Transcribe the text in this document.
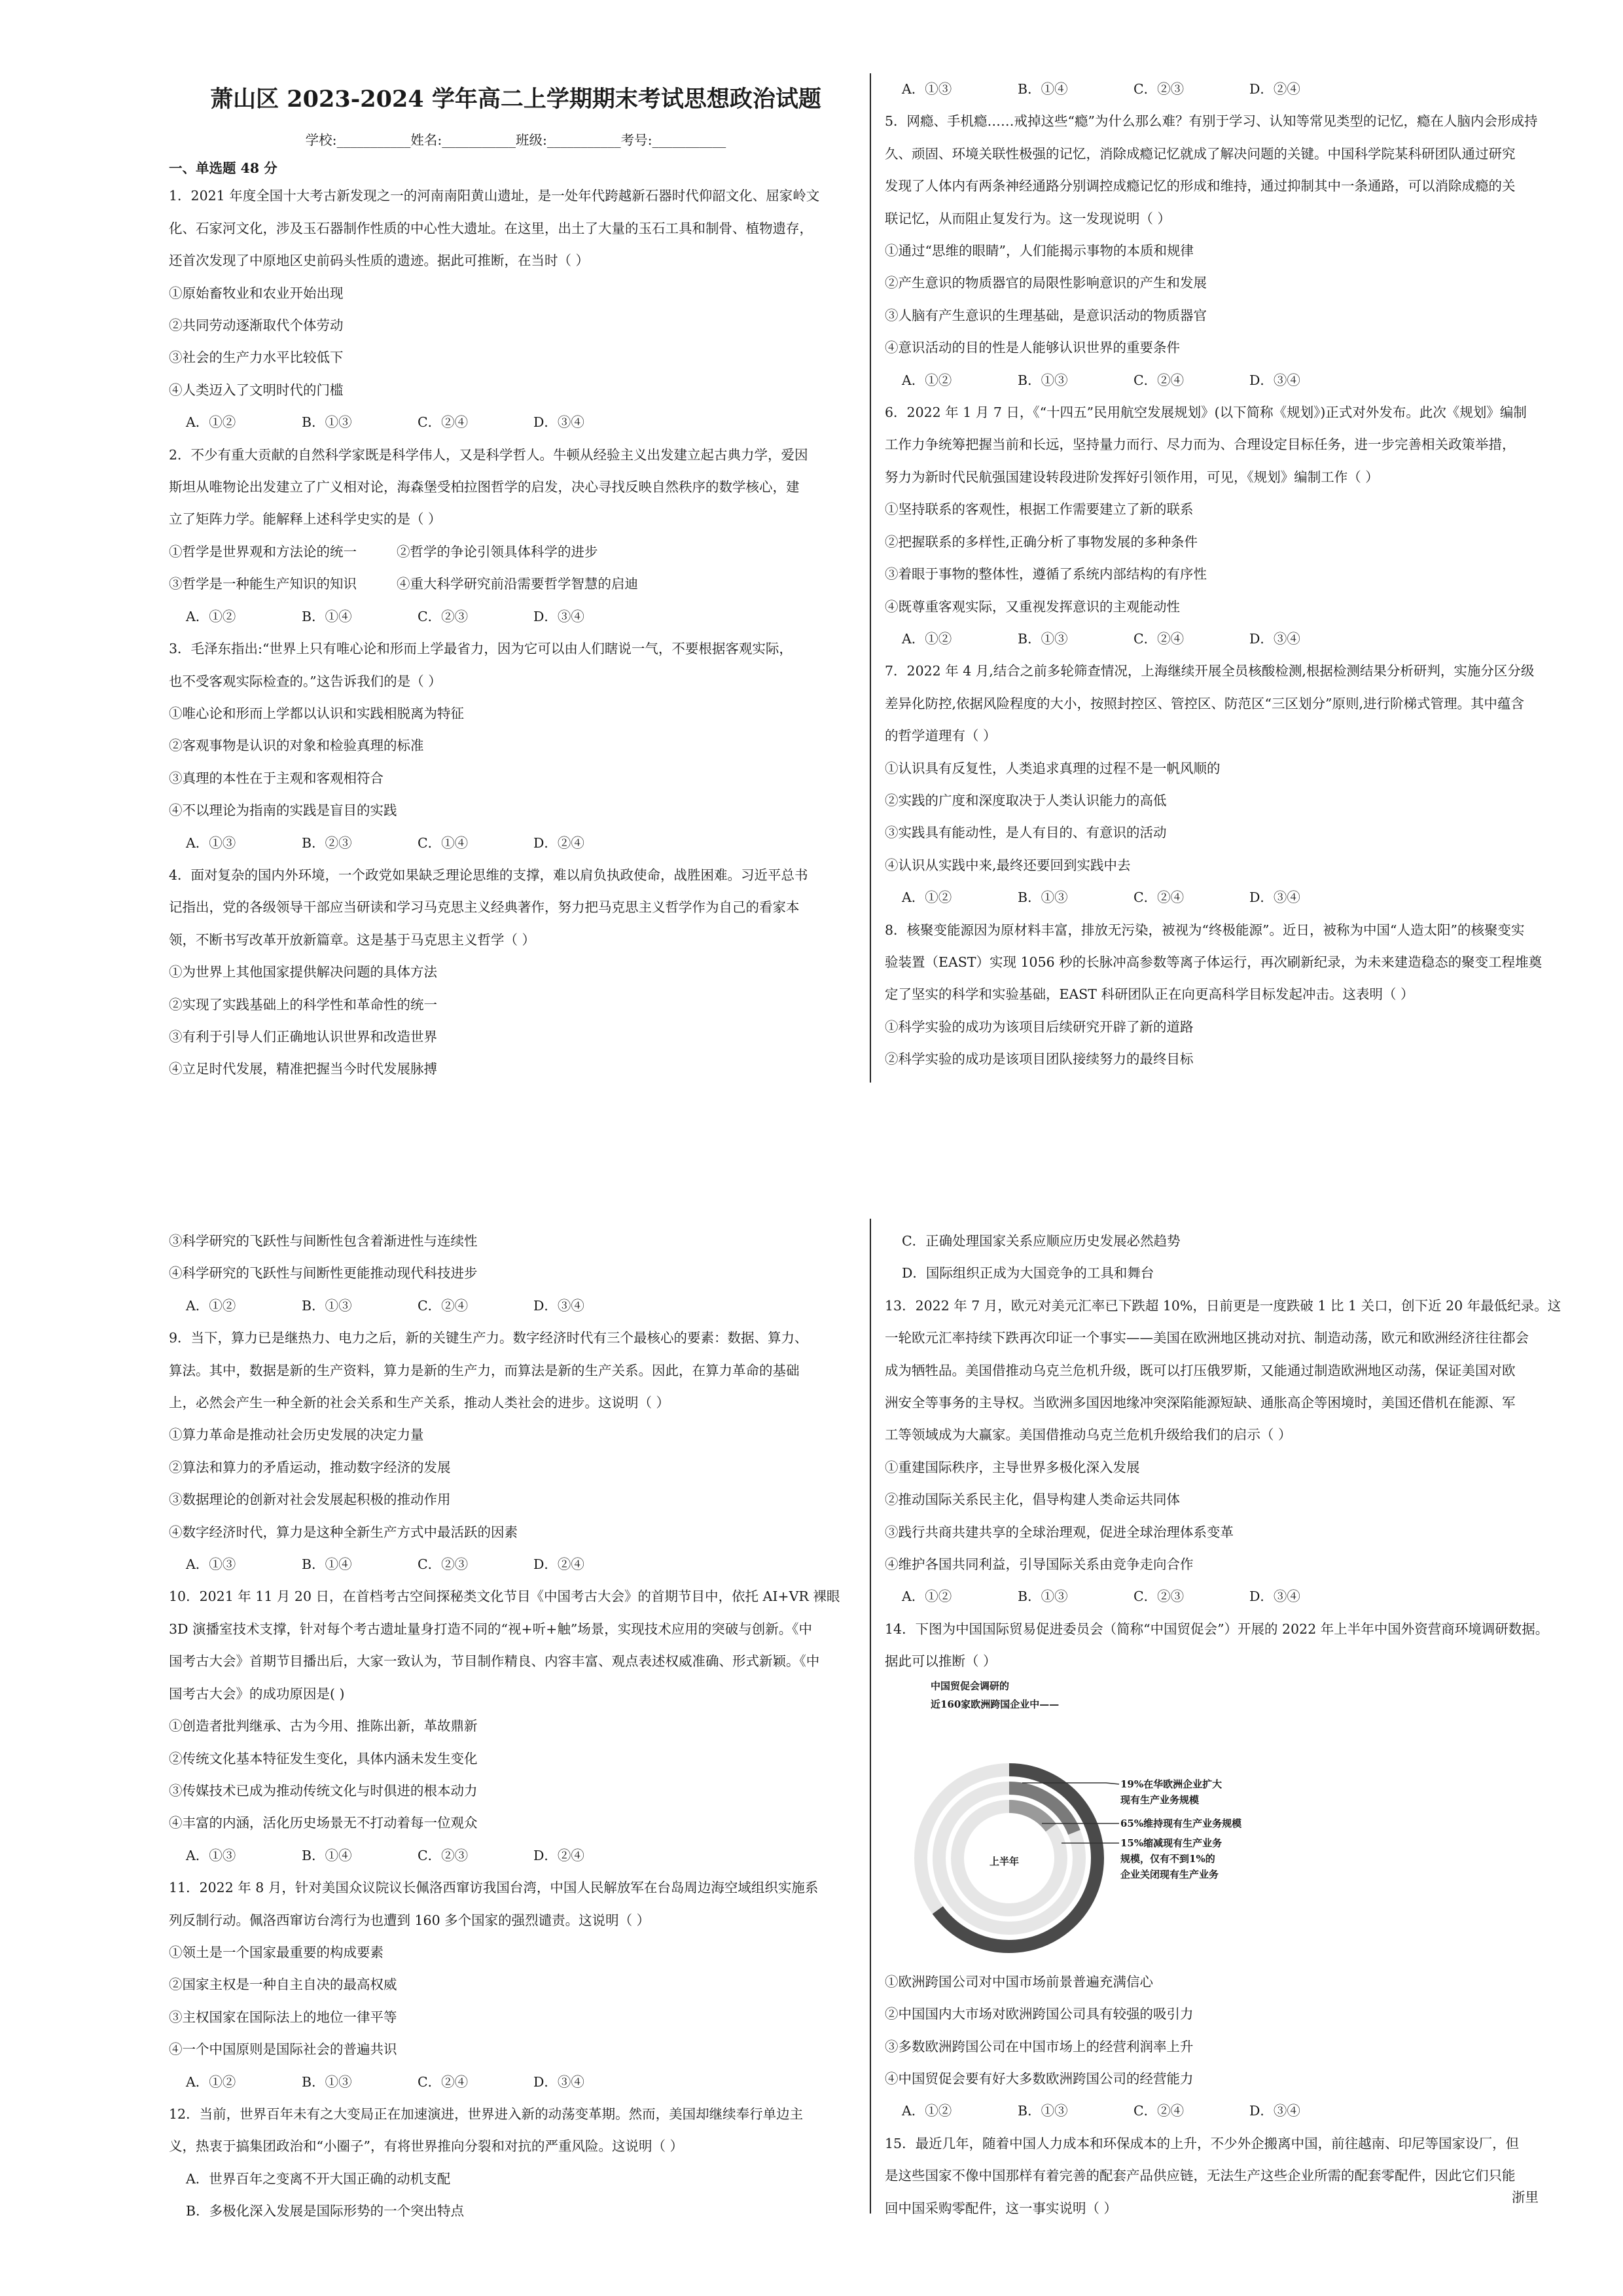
萧山区 2023-2024 学年高二上学期期末考试思想政治试题
学校:___________姓名:___________班级:___________考号:___________

一、单选题 48 分

1．2021 年度全国十大考古新发现之一的河南南阳黄山遗址，是一处年代跨越新石器时代仰韶文化、屈家岭文

化、石家河文化，涉及玉石器制作性质的中心性大遗址。在这里，出土了大量的玉石工具和制骨、植物遗存，

还首次发现了中原地区史前码头性质的遗迹。据此可推断，在当时（ ）

①原始畜牧业和农业开始出现

②共同劳动逐渐取代个体劳动

③社会的生产力水平比较低下

④人类迈入了文明时代的门槛

A．①②	B．①③	C．②④	D．③④

2．不少有重大贡献的自然科学家既是科学伟人，又是科学哲人。牛顿从经验主义出发建立起古典力学，爱因

斯坦从唯物论出发建立了广义相对论，海森堡受柏拉图哲学的启发，决心寻找反映自然秩序的数学核心，建

立了矩阵力学。能解释上述科学史实的是（ ）

①哲学是世界观和方法论的统一	②哲学的争论引领具体科学的进步
③哲学是一种能生产知识的知识	④重大科学研究前沿需要哲学智慧的启迪
A．①②	B．①④	C．②③	D．③④

3．毛泽东指出:“世界上只有唯心论和形而上学最省力，因为它可以由人们瞎说一气，不要根据客观实际，

也不受客观实际检查的。”这告诉我们的是（ ）

①唯心论和形而上学都以认识和实践相脱离为特征

②客观事物是认识的对象和检验真理的标准

③真理的本性在于主观和客观相符合

④不以理论为指南的实践是盲目的实践

A．①③	B．②③	C．①④	D．②④

4．面对复杂的国内外环境，一个政党如果缺乏理论思维的支撑，难以肩负执政使命，战胜困难。习近平总书

记指出，党的各级领导干部应当研读和学习马克思主义经典著作，努力把马克思主义哲学作为自己的看家本

领，不断书写改革开放新篇章。这是基于马克思主义哲学（ ）

①为世界上其他国家提供解决问题的具体方法

②实现了实践基础上的科学性和革命性的统一

③有利于引导人们正确地认识世界和改造世界

④立足时代发展，精准把握当今时代发展脉搏

A．①③	B．①④	C．②③	D．②④

5．网瘾、手机瘾……戒掉这些“瘾”为什么那么难？有别于学习、认知等常见类型的记忆，瘾在人脑内会形成持

久、顽固、环境关联性极强的记忆，消除成瘾记忆就成了解决问题的关键。中国科学院某科研团队通过研究

发现了人体内有两条神经通路分别调控成瘾记忆的形成和维持，通过抑制其中一条通路，可以消除成瘾的关

联记忆，从而阻止复发行为。这一发现说明（ ）

①通过“思维的眼睛”，人们能揭示事物的本质和规律

②产生意识的物质器官的局限性影响意识的产生和发展

③人脑有产生意识的生理基础，是意识活动的物质器官

④意识活动的目的性是人能够认识世界的重要条件

A．①②	B．①③	C．②④	D．③④

6．2022 年 1 月 7 日，《“十四五”民用航空发展规划》(以下简称《规划》)正式对外发布。此次《规划》编制

工作力争统筹把握当前和长远，坚持量力而行、尽力而为、合理设定目标任务，进一步完善相关政策举措，

努力为新时代民航强国建设转段进阶发挥好引领作用，可见，《规划》编制工作（ ）

①坚持联系的客观性，根据工作需要建立了新的联系

②把握联系的多样性,正确分析了事物发展的多种条件

③着眼于事物的整体性，遵循了系统内部结构的有序性

④既尊重客观实际，又重视发挥意识的主观能动性

A．①②	B．①③	C．②④	D．③④

7．2022 年 4 月,结合之前多轮筛查情况，上海继续开展全员核酸检测,根据检测结果分析研判，实施分区分级

差异化防控,依据风险程度的大小，按照封控区、管控区、防范区“三区划分”原则,进行阶梯式管理。其中蕴含

的哲学道理有（ ）

①认识具有反复性，人类追求真理的过程不是一帆风顺的

②实践的广度和深度取决于人类认识能力的高低

③实践具有能动性，是人有目的、有意识的活动

④认识从实践中来,最终还要回到实践中去

A．①②	B．①③	C．②④	D．③④

8．核聚变能源因为原材料丰富，排放无污染，被视为“终极能源”。近日，被称为中国“人造太阳”的核聚变实

验装置（EAST）实现 1056 秒的长脉冲高参数等离子体运行，再次刷新纪录，为未来建造稳态的聚变工程堆奠

定了坚实的科学和实验基础，EAST 科研团队正在向更高科学目标发起冲击。这表明（ ）

①科学实验的成功为该项目后续研究开辟了新的道路

②科学实验的成功是该项目团队接续努力的最终目标

③科学研究的飞跃性与间断性包含着渐进性与连续性

④科学研究的飞跃性与间断性更能推动现代科技进步

A．①②	B．①③	C．②④	D．③④

9．当下，算力已是继热力、电力之后，新的关键生产力。数字经济时代有三个最核心的要素：数据、算力、

算法。其中，数据是新的生产资料，算力是新的生产力，而算法是新的生产关系。因此，在算力革命的基础

上，必然会产生一种全新的社会关系和生产关系，推动人类社会的进步。这说明（ ）

①算力革命是推动社会历史发展的决定力量

②算法和算力的矛盾运动，推动数字经济的发展

③数据理论的创新对社会发展起积极的推动作用

④数字经济时代，算力是这种全新生产方式中最活跃的因素

A．①③	B．①④	C．②③	D．②④

10．2021 年 11 月 20 日，在首档考古空间探秘类文化节目《中国考古大会》的首期节目中，依托 AI+VR 裸眼

3D 演播室技术支撑，针对每个考古遗址量身打造不同的“视+听+触”场景，实现技术应用的突破与创新。《中

国考古大会》首期节目播出后，大家一致认为，节目制作精良、内容丰富、观点表述权威准确、形式新颖。《中

国考古大会》的成功原因是( )

①创造者批判继承、古为今用、推陈出新，革故鼎新

②传统文化基本特征发生变化，具体内涵未发生变化

③传媒技术已成为推动传统文化与时俱进的根本动力

④丰富的内涵，活化历史场景无不打动着每一位观众

A．①③	B．①④	C．②③	D．②④

11．2022 年 8 月，针对美国众议院议长佩洛西窜访我国台湾，中国人民解放军在台岛周边海空域组织实施系

列反制行动。佩洛西窜访台湾行为也遭到 160 多个国家的强烈谴责。这说明（ ）

①领土是一个国家最重要的构成要素

②国家主权是一种自主自决的最高权威

③主权国家在国际法上的地位一律平等

④一个中国原则是国际社会的普遍共识

A．①②	B．①③	C．②④	D．③④

12．当前，世界百年未有之大变局正在加速演进，世界进入新的动荡变革期。然而，美国却继续奉行单边主

义，热衷于搞集团政治和“小圈子”，有将世界推向分裂和对抗的严重风险。这说明（ ）

A．世界百年之变离不开大国正确的动机支配

B．多极化深入发展是国际形势的一个突出特点

C．正确处理国家关系应顺应历史发展必然趋势

D．国际组织正成为大国竞争的工具和舞台

13．2022 年 7 月，欧元对美元汇率已下跌超 10%，日前更是一度跌破 1 比 1 关口，创下近 20 年最低纪录。这

一轮欧元汇率持续下跌再次印证一个事实——美国在欧洲地区挑动对抗、制造动荡，欧元和欧洲经济往往都会

成为牺牲品。美国借推动乌克兰危机升级，既可以打压俄罗斯，又能通过制造欧洲地区动荡，保证美国对欧

洲安全等事务的主导权。当欧洲多国因地缘冲突深陷能源短缺、通胀高企等困境时，美国还借机在能源、军

工等领域成为大赢家。美国借推动乌克兰危机升级给我们的启示（ ）

①重建国际秩序，主导世界多极化深入发展

②推动国际关系民主化，倡导构建人类命运共同体

③践行共商共建共享的全球治理观，促进全球治理体系变革

④维护各国共同利益，引导国际关系由竞争走向合作

A．①②	B．①③	C．②③	D．③④

14．下图为中国国际贸易促进委员会（简称“中国贸促会”）开展的 2022 年上半年中国外资营商环境调研数据。

据此可以推断（ ）

中国贸促会调研的
近160家欧洲跨国企业中——
上半年
19%在华欧洲企业扩大
现有生产业务规模
65%维持现有生产业务规模
15%缩减现有生产业务
规模，仅有不到1%的
企业关闭现有生产业务

①欧洲跨国公司对中国市场前景普遍充满信心

②中国国内大市场对欧洲跨国公司具有较强的吸引力

③多数欧洲跨国公司在中国市场上的经营利润率上升

④中国贸促会要有好大多数欧洲跨国公司的经营能力

A．①②	B．①③	C．②④	D．③④

15．最近几年，随着中国人力成本和环保成本的上升，不少外企搬离中国，前往越南、印尼等国家设厂，但

是这些国家不像中国那样有着完善的配套产品供应链，无法生产这些企业所需的配套零配件，因此它们只能

回中国采购零配件，这一事实说明（ ）

浙里
